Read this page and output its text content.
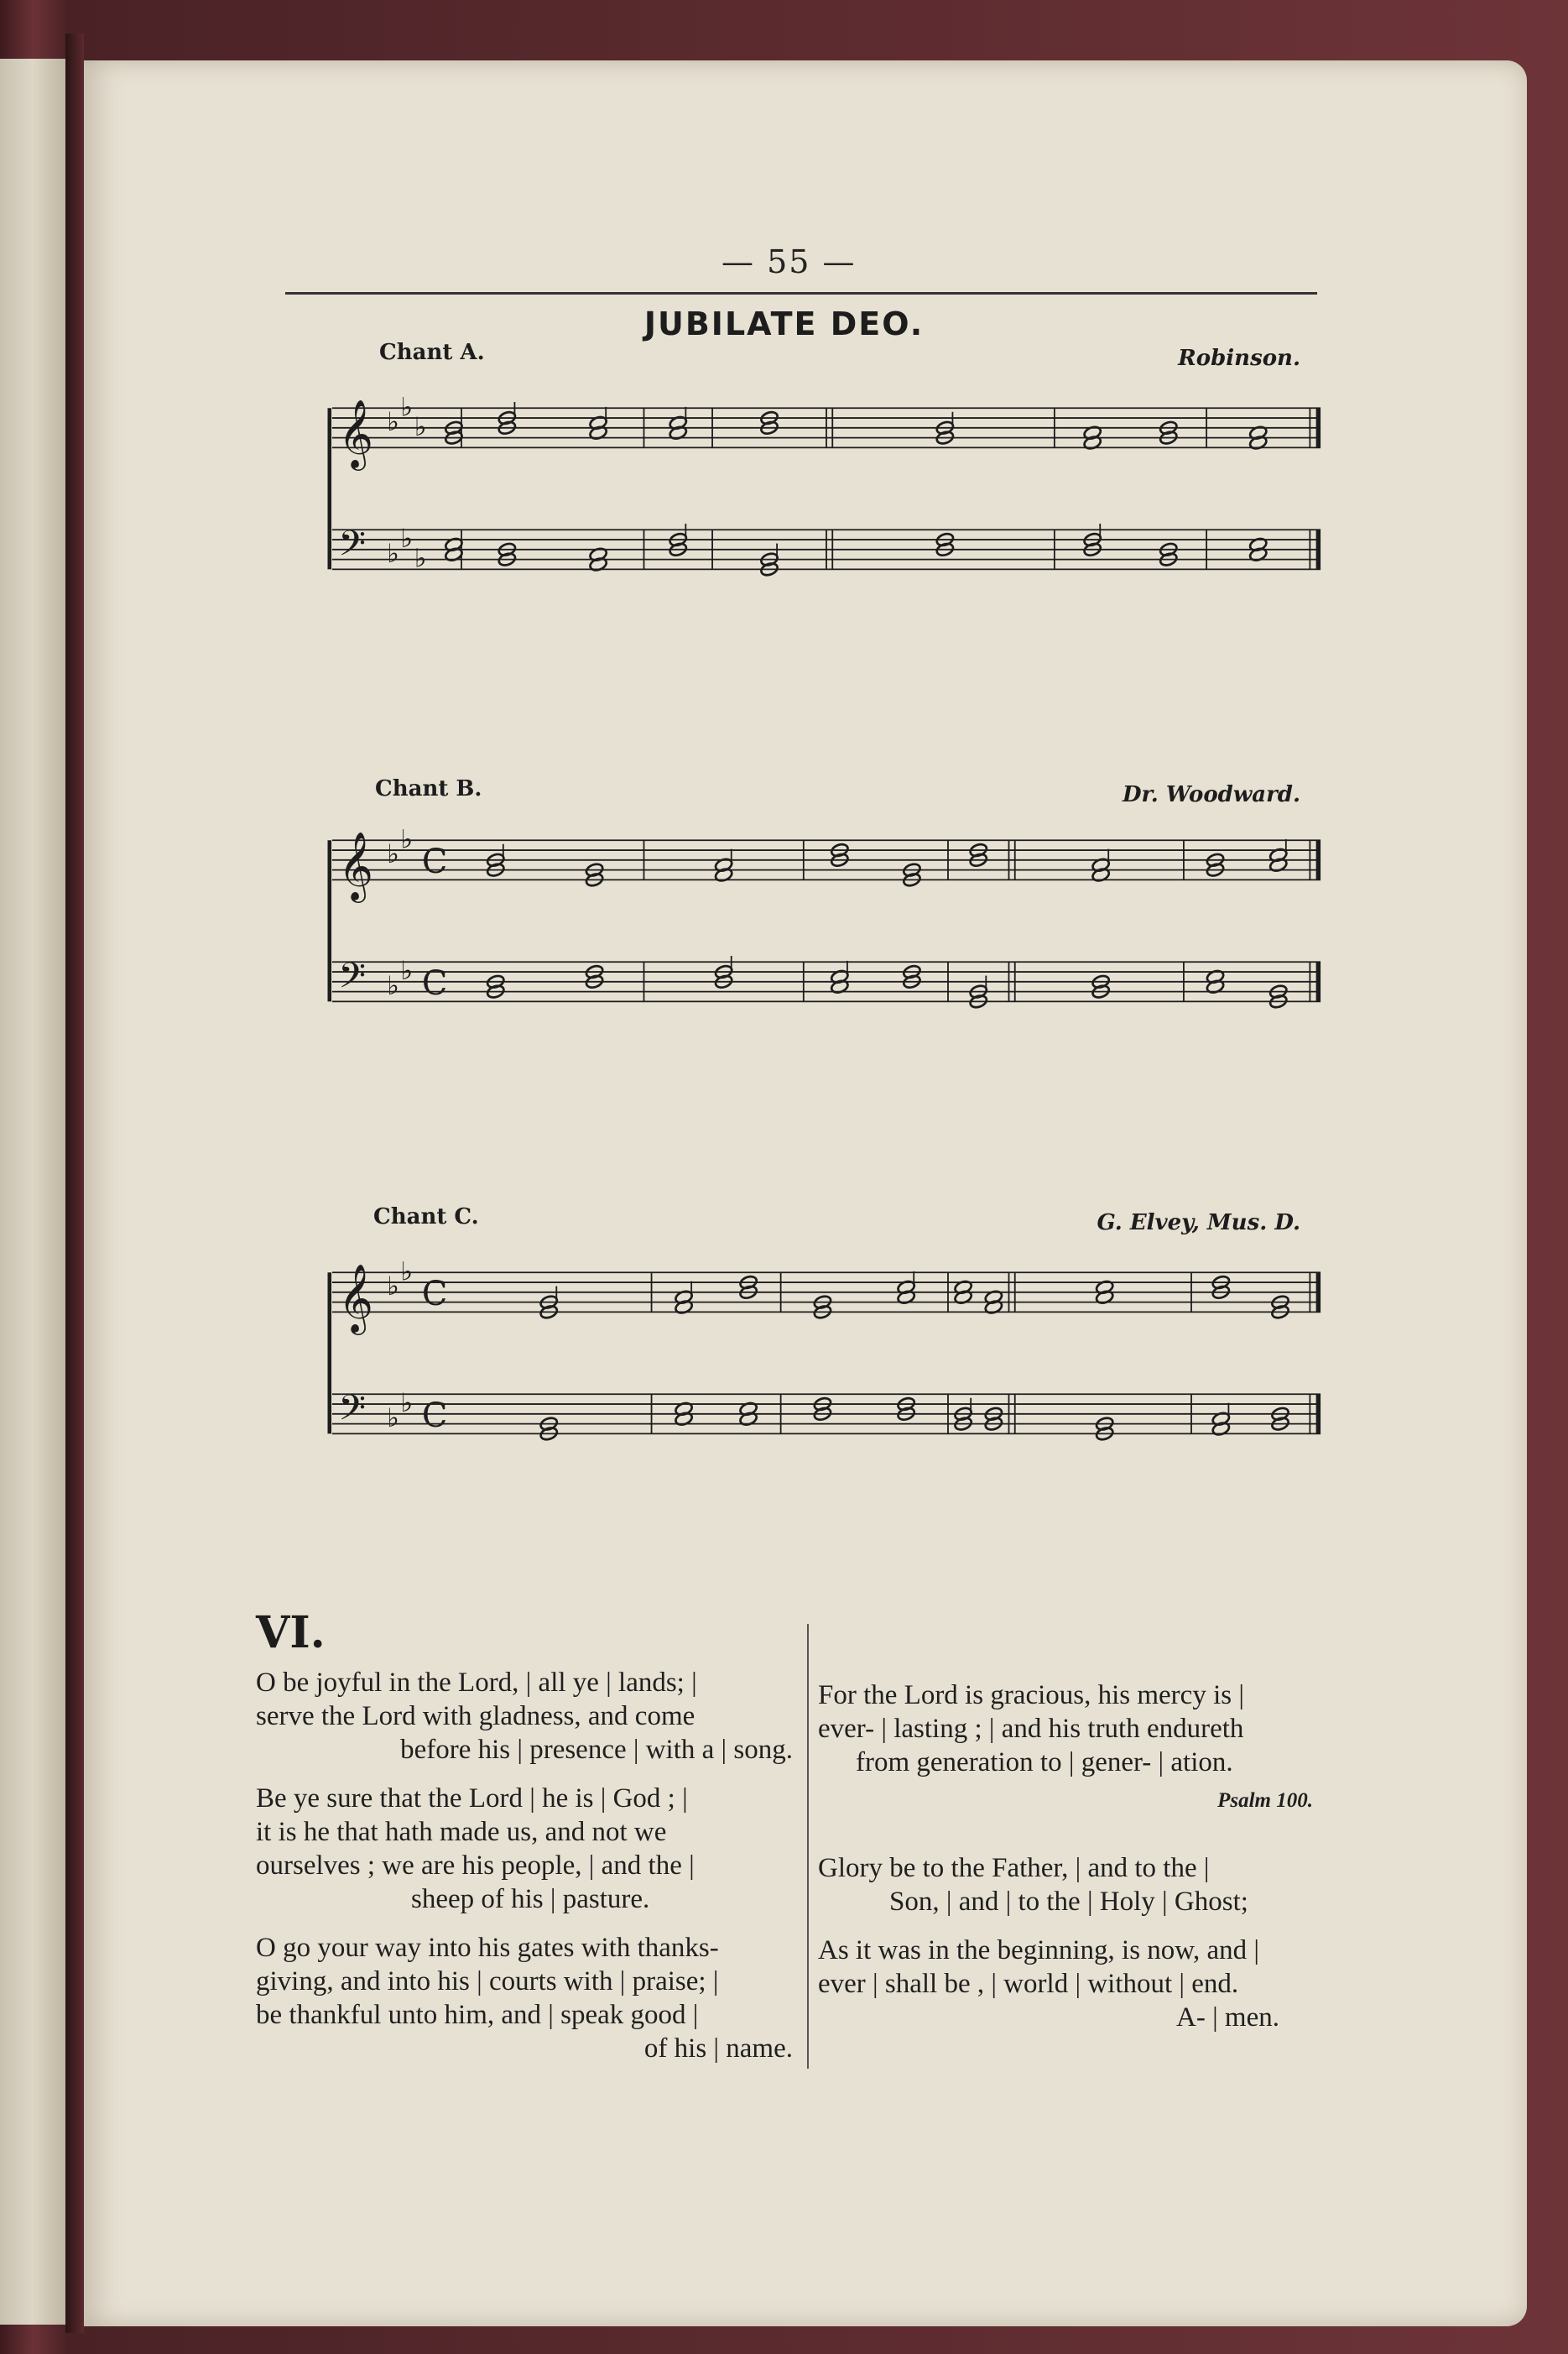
— 55 —
JUBILATE DEO.
Chant A.	Robinson.
𝄞 ♭ ♭
♭
𝄢 ♭ ♭
♭
Chant B.	Dr. Woodward.
𝄞 ♭ ♭
C
𝄢 ♭ ♭ C
Chant C.	G. Elvey, Mus. D.
𝄞 ♭ ♭
C
𝄢 ♭ ♭ C
VI.
O be joyful in the Lord, | all ye | lands; |
serve the Lord with gladness, and come
before his | presence | with a | song.
Be ye sure that the Lord | he is | God ; |
it is he that hath made us, and not we
ourselves ; we are his people, | and the |
sheep of his | pasture.
O go your way into his gates with thanks-
giving, and into his | courts with | praise; |
be thankful unto him, and | speak good |
of his | name.
For the Lord is gracious, his mercy is |
ever- | lasting ; | and his truth endureth
from generation to | gener- | ation.
Psalm 100.
Glory be to the Father, | and to the |
Son, | and | to the | Holy | Ghost;
As it was in the beginning, is now, and |
ever | shall be , | world | without | end.
A- | men.
